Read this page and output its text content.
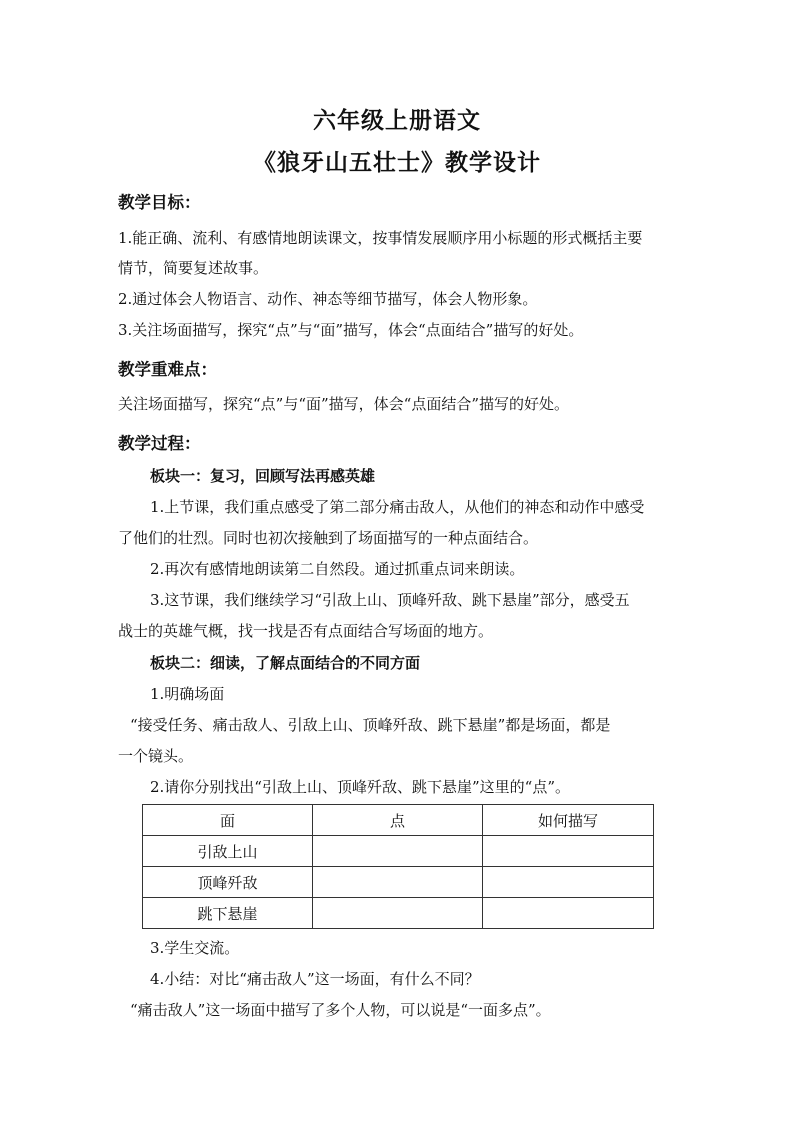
六年级上册语文
《狼牙山五壮士》教学设计
教学目标：
1.能正确、流利、有感情地朗读课文，按事情发展顺序用小标题的形式概括主要
情节，简要复述故事。
2.通过体会人物语言、动作、神态等细节描写，体会人物形象。
3.关注场面描写，探究“点”与“面”描写，体会“点面结合”描写的好处。
教学重难点：
关注场面描写，探究“点”与“面”描写，体会“点面结合”描写的好处。
教学过程：
板块一：复习，回顾写法再感英雄
1.上节课，我们重点感受了第二部分痛击敌人，从他们的神态和动作中感受
了他们的壮烈。同时也初次接触到了场面描写的一种点面结合。
2.再次有感情地朗读第二自然段。通过抓重点词来朗读。
3.这节课，我们继续学习“引敌上山、顶峰歼敌、跳下悬崖”部分，感受五
战士的英雄气概，找一找是否有点面结合写场面的地方。
板块二：细读，了解点面结合的不同方面
1.明确场面
“接受任务、痛击敌人、引敌上山、顶峰歼敌、跳下悬崖”都是场面，都是
一个镜头。
2.请你分别找出“引敌上山、顶峰歼敌、跳下悬崖”这里的“点”。
面	点	如何描写
引敌上山		
顶峰歼敌		
跳下悬崖		
3.学生交流。
4.小结：对比“痛击敌人”这一场面，有什么不同？
“痛击敌人”这一场面中描写了多个人物，可以说是“一面多点”。
